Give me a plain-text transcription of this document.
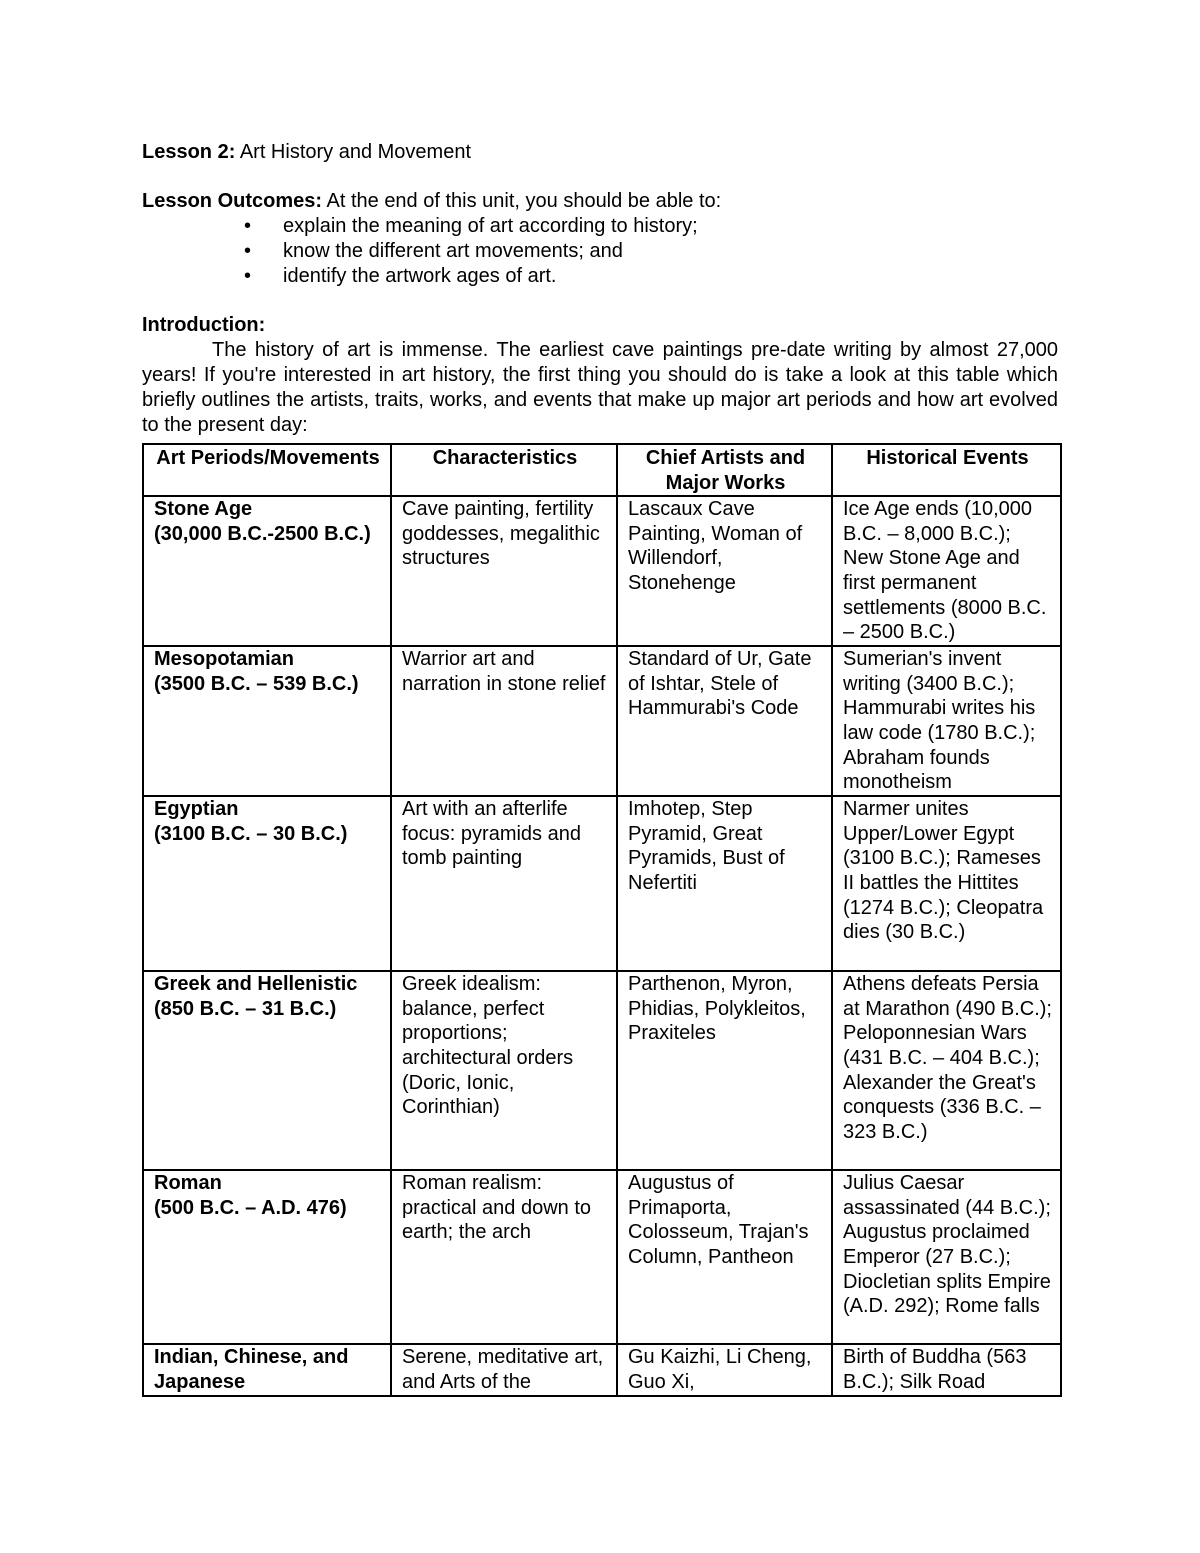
Lesson 2: Art History and Movement

Lesson Outcomes: At the end of this unit, you should be able to:

• explain the meaning of art according to history;
• know the different art movements; and
• identify the artwork ages of art.

Introduction:

The history of art is immense. The earliest cave paintings pre-date writing by almost 27,000 years! If you're interested in art history, the first thing you should do is take a look at this table which briefly outlines the artists, traits, works, and events that make up major art periods and how art evolved to the present day:

Art Periods/Movements	Characteristics	Chief Artists and Major Works	Historical Events

Stone Age
(30,000 B.C.-2500 B.C.)	Cave painting, fertility goddesses, megalithic structures	Lascaux Cave Painting, Woman of Willendorf, Stonehenge	Ice Age ends (10,000 B.C. – 8,000 B.C.); New Stone Age and first permanent settlements (8000 B.C. – 2500 B.C.)

Mesopotamian
(3500 B.C. – 539 B.C.)	Warrior art and narration in stone relief	Standard of Ur, Gate of Ishtar, Stele of Hammurabi's Code	Sumerian's invent writing (3400 B.C.); Hammurabi writes his law code (1780 B.C.); Abraham founds monotheism

Egyptian
(3100 B.C. – 30 B.C.)	Art with an afterlife focus: pyramids and tomb painting	Imhotep, Step Pyramid, Great Pyramids, Bust of Nefertiti	Narmer unites Upper/Lower Egypt (3100 B.C.); Rameses II battles the Hittites (1274 B.C.); Cleopatra dies (30 B.C.)

Greek and Hellenistic
(850 B.C. – 31 B.C.)	Greek idealism: balance, perfect proportions; architectural orders (Doric, Ionic, Corinthian)	Parthenon, Myron, Phidias, Polykleitos, Praxiteles	Athens defeats Persia at Marathon (490 B.C.); Peloponnesian Wars (431 B.C. – 404 B.C.); Alexander the Great's conquests (336 B.C. – 323 B.C.)

Roman
(500 B.C. – A.D. 476)	Roman realism: practical and down to earth; the arch	Augustus of Primaporta, Colosseum, Trajan's Column, Pantheon	Julius Caesar assassinated (44 B.C.); Augustus proclaimed Emperor (27 B.C.); Diocletian splits Empire (A.D. 292); Rome falls

Indian, Chinese, and Japanese	Serene, meditative art, and Arts of the	Gu Kaizhi, Li Cheng, Guo Xi,	Birth of Buddha (563 B.C.); Silk Road
